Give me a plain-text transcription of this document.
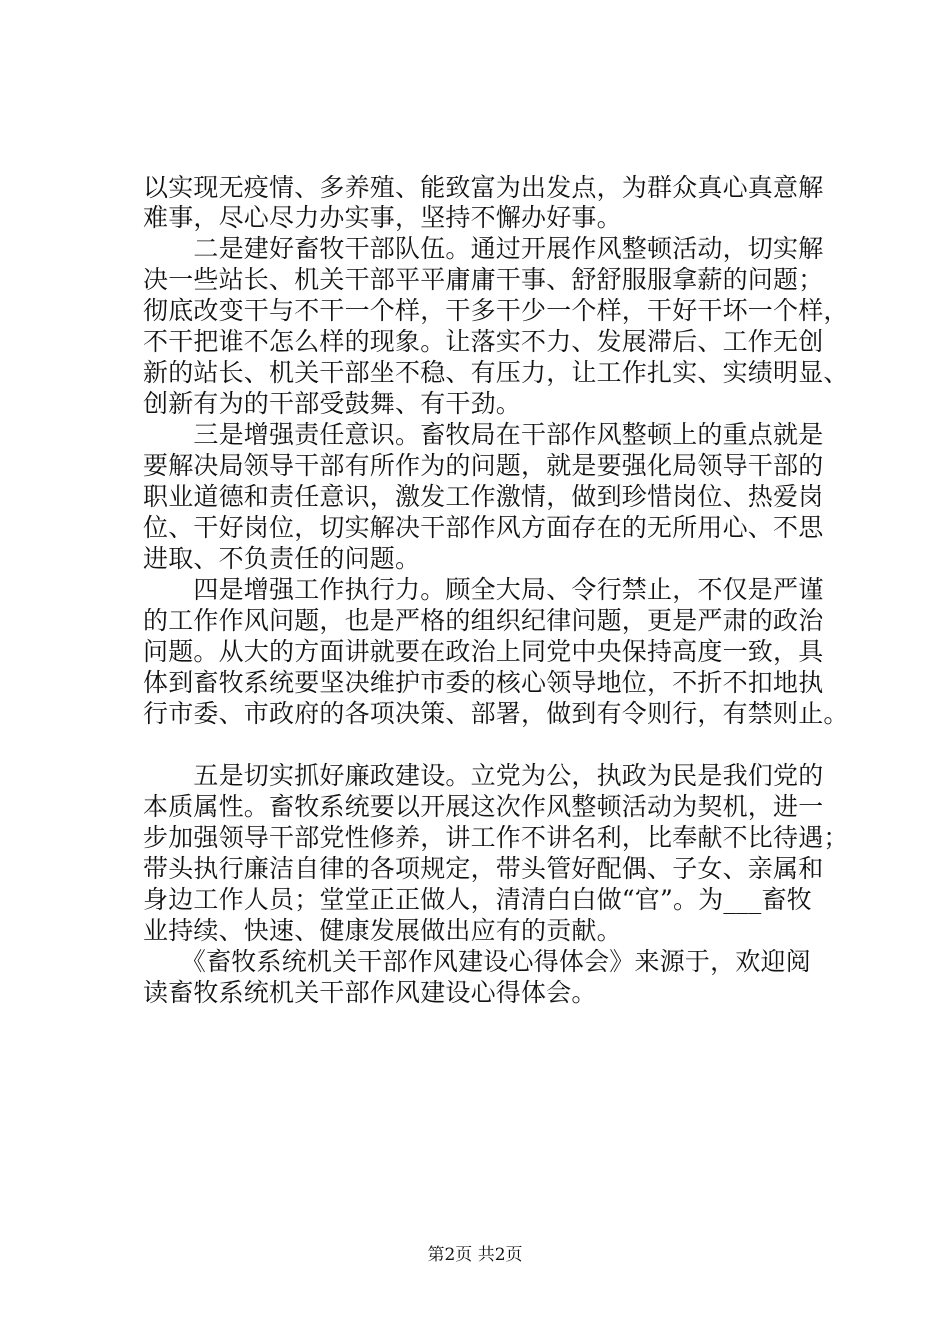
以实现无疫情、多养殖、能致富为出发点，为群众真心真意解
难事，尽心尽力办实事，坚持不懈办好事。
　　二是建好畜牧干部队伍。通过开展作风整顿活动，切实解
决一些站长、机关干部平平庸庸干事、舒舒服服拿薪的问题；
彻底改变干与不干一个样，干多干少一个样，干好干坏一个样，
不干把谁不怎么样的现象。让落实不力、发展滞后、工作无创
新的站长、机关干部坐不稳、有压力，让工作扎实、实绩明显、
创新有为的干部受鼓舞、有干劲。
　　三是增强责任意识。畜牧局在干部作风整顿上的重点就是
要解决局领导干部有所作为的问题，就是要强化局领导干部的
职业道德和责任意识，激发工作激情，做到珍惜岗位、热爱岗
位、干好岗位，切实解决干部作风方面存在的无所用心、不思
进取、不负责任的问题。
　　四是增强工作执行力。顾全大局、令行禁止，不仅是严谨
的工作作风问题，也是严格的组织纪律问题，更是严肃的政治
问题。从大的方面讲就要在政治上同党中央保持高度一致，具
体到畜牧系统要坚决维护市委的核心领导地位，不折不扣地执
行市委、市政府的各项决策、部署，做到有令则行，有禁则止。
　　五是切实抓好廉政建设。立党为公，执政为民是我们党的
本质属性。畜牧系统要以开展这次作风整顿活动为契机，进一
步加强领导干部党性修养，讲工作不讲名利，比奉献不比待遇；
带头执行廉洁自律的各项规定，带头管好配偶、子女、亲属和
身边工作人员；堂堂正正做人，清清白白做“官”。为___畜牧
业持续、快速、健康发展做出应有的贡献。
　　《畜牧系统机关干部作风建设心得体会》来源于，欢迎阅
读畜牧系统机关干部作风建设心得体会。
第2页 共2页
